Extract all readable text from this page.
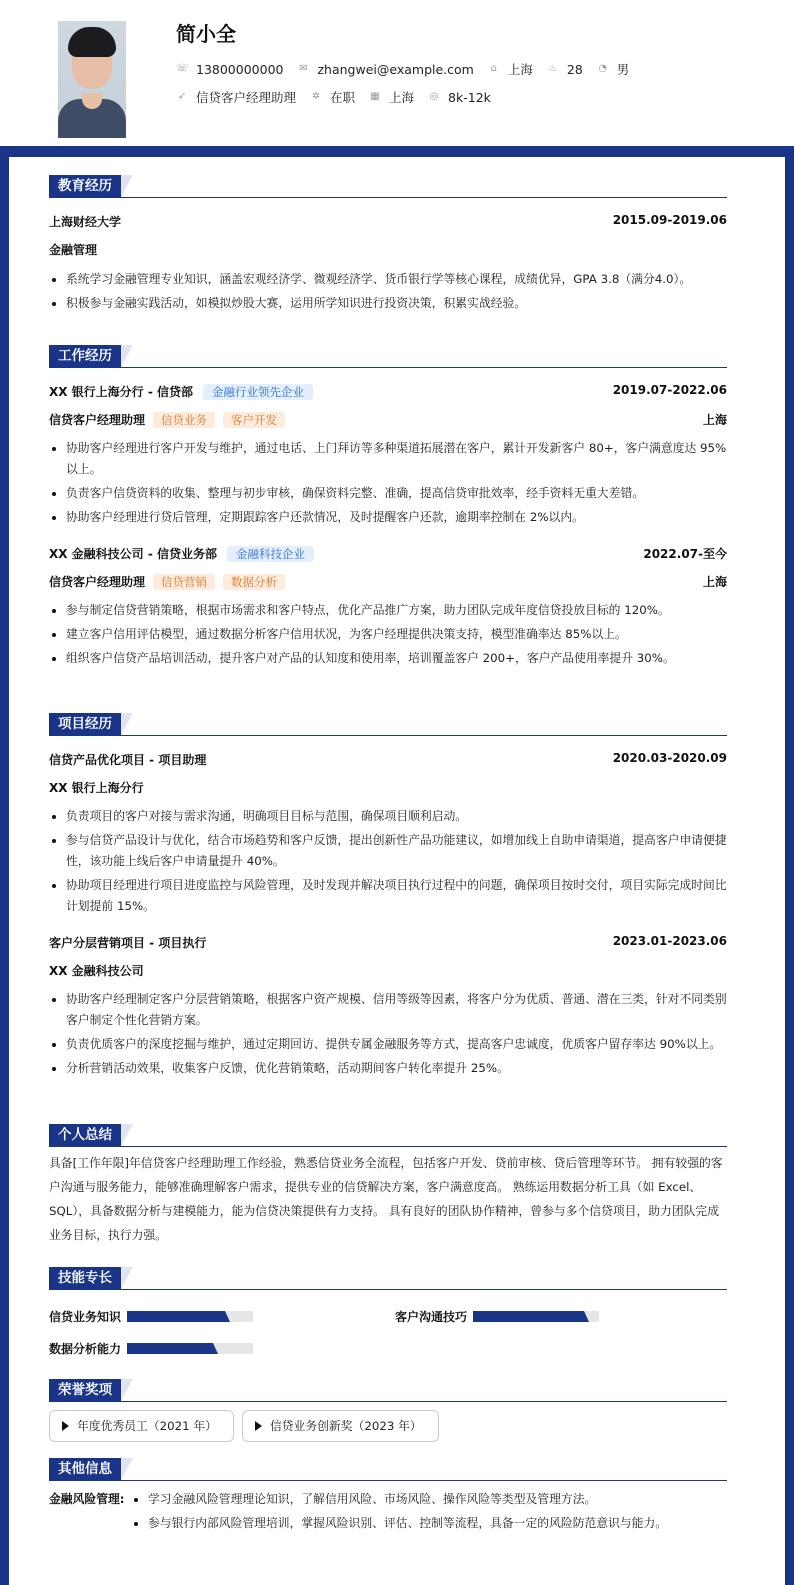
简小全
☏ 13800000000 ✉ zhangwei@example.com ⌂ 上海 ♨ 28 ◔ 男
➶ 信贷客户经理助理 ✲ 在职 ▦ 上海 ◎ 8k-12k
教育经历
上海财经大学	2015.09-2019.06
金融管理
系统学习金融管理专业知识，涵盖宏观经济学、微观经济学、货币银行学等核心课程，成绩优异，GPA 3.8（满分4.0）。
积极参与金融实践活动，如模拟炒股大赛，运用所学知识进行投资决策，积累实战经验。
工作经历
XX 银行上海分行 - 信贷部	金融行业领先企业	2019.07-2022.06
信贷客户经理助理	信贷业务	客户开发	上海
协助客户经理进行客户开发与维护，通过电话、上门拜访等多种渠道拓展潜在客户，累计开发新客户 80+，客户满意度达 95% 以上。
负责客户信贷资料的收集、整理与初步审核，确保资料完整、准确，提高信贷审批效率，经手资料无重大差错。
协助客户经理进行贷后管理，定期跟踪客户还款情况，及时提醒客户还款，逾期率控制在 2%以内。
XX 金融科技公司 - 信贷业务部	金融科技企业	2022.07-至今
信贷客户经理助理	信贷营销	数据分析	上海
参与制定信贷营销策略，根据市场需求和客户特点，优化产品推广方案，助力团队完成年度信贷投放目标的 120%。
建立客户信用评估模型，通过数据分析客户信用状况，为客户经理提供决策支持，模型准确率达 85%以上。
组织客户信贷产品培训活动，提升客户对产品的认知度和使用率，培训覆盖客户 200+，客户产品使用率提升 30%。
项目经历
信贷产品优化项目 - 项目助理	2020.03-2020.09
XX 银行上海分行
负责项目的客户对接与需求沟通，明确项目目标与范围，确保项目顺利启动。
参与信贷产品设计与优化，结合市场趋势和客户反馈，提出创新性产品功能建议，如增加线上自助申请渠道，提高客户申请便捷性，该功能上线后客户申请量提升 40%。
协助项目经理进行项目进度监控与风险管理，及时发现并解决项目执行过程中的问题，确保项目按时交付，项目实际完成时间比计划提前 15%。
客户分层营销项目 - 项目执行	2023.01-2023.06
XX 金融科技公司
协助客户经理制定客户分层营销策略，根据客户资产规模、信用等级等因素，将客户分为优质、普通、潜在三类，针对不同类别客户制定个性化营销方案。
负责优质客户的深度挖掘与维护，通过定期回访、提供专属金融服务等方式，提高客户忠诚度，优质客户留存率达 90%以上。
分析营销活动效果，收集客户反馈，优化营销策略，活动期间客户转化率提升 25%。
个人总结
具备[工作年限]年信贷客户经理助理工作经验，熟悉信贷业务全流程，包括客户开发、贷前审核、贷后管理等环节。 拥有较强的客户沟通与服务能力，能够准确理解客户需求，提供专业的信贷解决方案，客户满意度高。 熟练运用数据分析工具（如 Excel、SQL），具备数据分析与建模能力，能为信贷决策提供有力支持。 具有良好的团队协作精神，曾参与多个信贷项目，助力团队完成业务目标，执行力强。
技能专长
信贷业务知识	客户沟通技巧
数据分析能力
荣誉奖项
年度优秀员工（2021 年）	信贷业务创新奖（2023 年）
其他信息
金融风险管理:	学习金融风险管理理论知识，了解信用风险、市场风险、操作风险等类型及管理方法。
参与银行内部风险管理培训，掌握风险识别、评估、控制等流程，具备一定的风险防范意识与能力。
